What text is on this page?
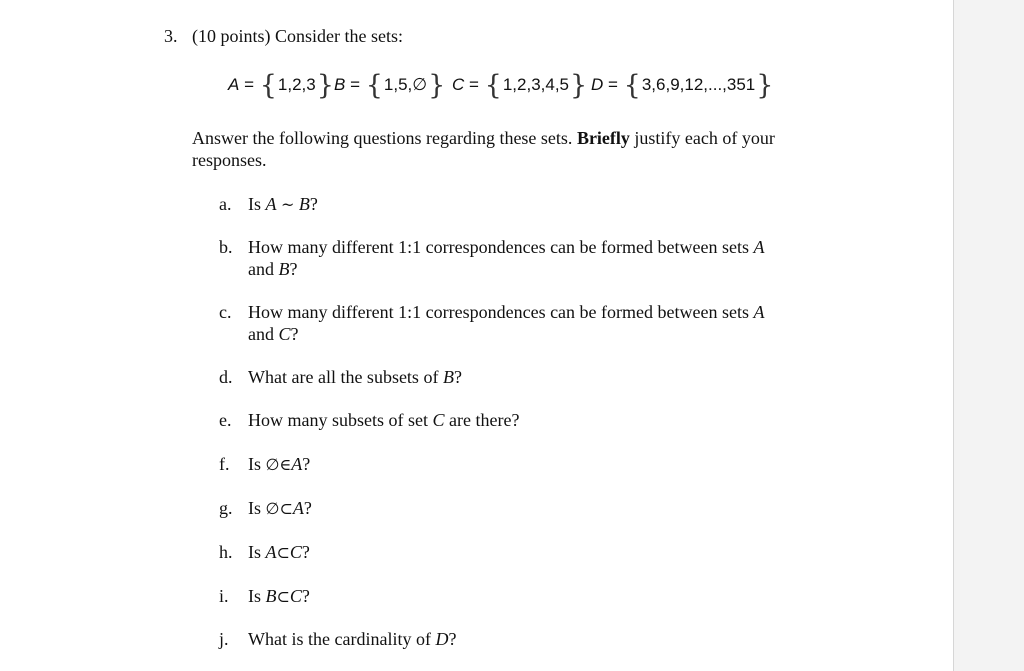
3. (10 points) Consider the sets:
A = {1,2,3} B = {1,5,∅} C = {1,2,3,4,5} D = {3,6,9,12,...,351}
Answer the following questions regarding these sets. Briefly justify each of your responses.
a. Is A ~ B?
b. How many different 1:1 correspondences can be formed between sets A
and B?
c. How many different 1:1 correspondences can be formed between sets A
and C?
d. What are all the subsets of B?
e. How many subsets of set C are there?
f. Is ∅∈A?
g. Is ∅⊂A?
h. Is A⊂C?
i. Is B⊂C?
j. What is the cardinality of D?
